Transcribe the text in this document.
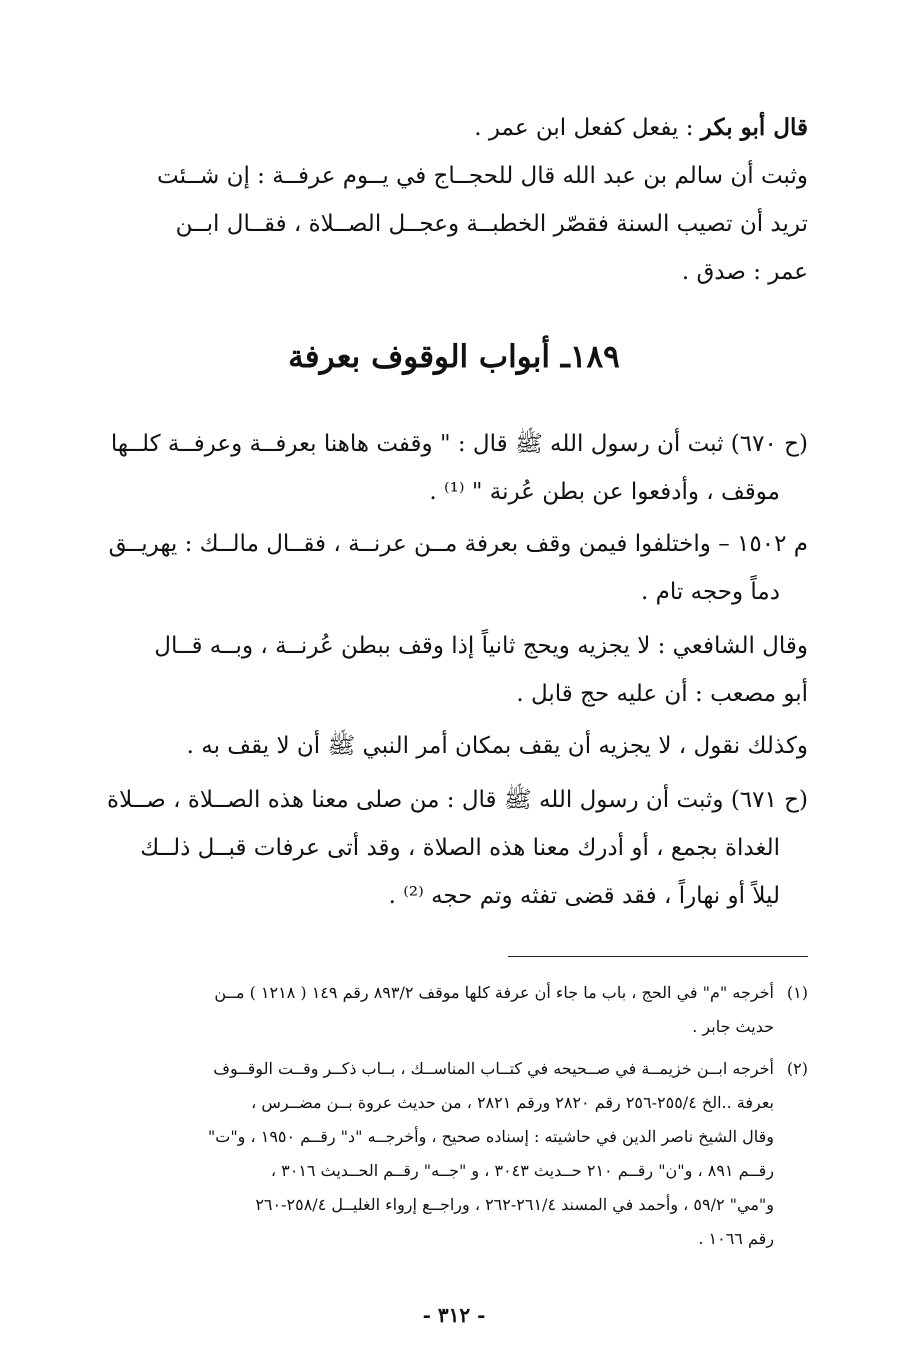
قال أبو بكر : يفعل كفعل ابن عمر .
وثبت أن سالم بن عبد الله قال للحجــاج في يــوم عرفــة : إن شــئت
تريد أن تصيب السنة فقصّر الخطبــة وعجــل الصــلاة ، فقــال ابــن
عمر : صدق .
١٨٩ـ أبواب الوقوف بعرفة
(ح ٦٧٠) ثبت أن رسول الله ﷺ قال : " وقفت هاهنا بعرفــة وعرفــة كلــها
موقف ، وأدفعوا عن بطن عُرنة " ⁽¹⁾ .
م ١٥٠٢ – واختلفوا فيمن وقف بعرفة مــن عرنــة ، فقــال مالــك : يهريــق
دماً وحجه تام .
وقال الشافعي : لا يجزيه ويحج ثانياً إذا وقف ببطن عُرنــة ، وبــه قــال
أبو مصعب : أن عليه حج قابل .
وكذلك نقول ، لا يجزيه أن يقف بمكان أمر النبي ﷺ أن لا يقف به .
(ح ٦٧١) وثبت أن رسول الله ﷺ قال : من صلى معنا هذه الصــلاة ، صــلاة
الغداة بجمع ، أو أدرك معنا هذه الصلاة ، وقد أتى عرفات قبــل ذلــك
ليلاً أو نهاراً ، فقد قضى تفثه وتم حجه ⁽²⁾ .
(١)أخرجه "م" في الحج ، باب ما جاء أن عرفة كلها موقف ٨٩٣/٢ رقم ١٤٩ ( ١٢١٨ ) مــن
حديث جابر .
(٢)أخرجه ابــن خزيمــة في صــحيحه في كتــاب المناســك ، بــاب ذكــر وقــت الوقــوف
بعرفة ..الخ ٢٥٥/٤-٢٥٦ رقم ٢٨٢٠ ورقم ٢٨٢١ ، من حديث عروة بــن مضــرس ،
وقال الشيخ ناصر الدين في حاشيته : إسناده صحيح ، وأخرجــه "د" رقــم ١٩٥٠ ، و"ت"
رقــم ٨٩١ ، و"ن" رقــم ٢١٠ حــديث ٣٠٤٣ ، و "جــه" رقــم الحــديث ٣٠١٦ ،
و"مي" ٥٩/٢ ، وأحمد في المسند ٢٦١/٤-٢٦٢ ، وراجــع إرواء الغليــل ٢٥٨/٤-٢٦٠
رقم ١٠٦٦ .
- ٣١٢ -
